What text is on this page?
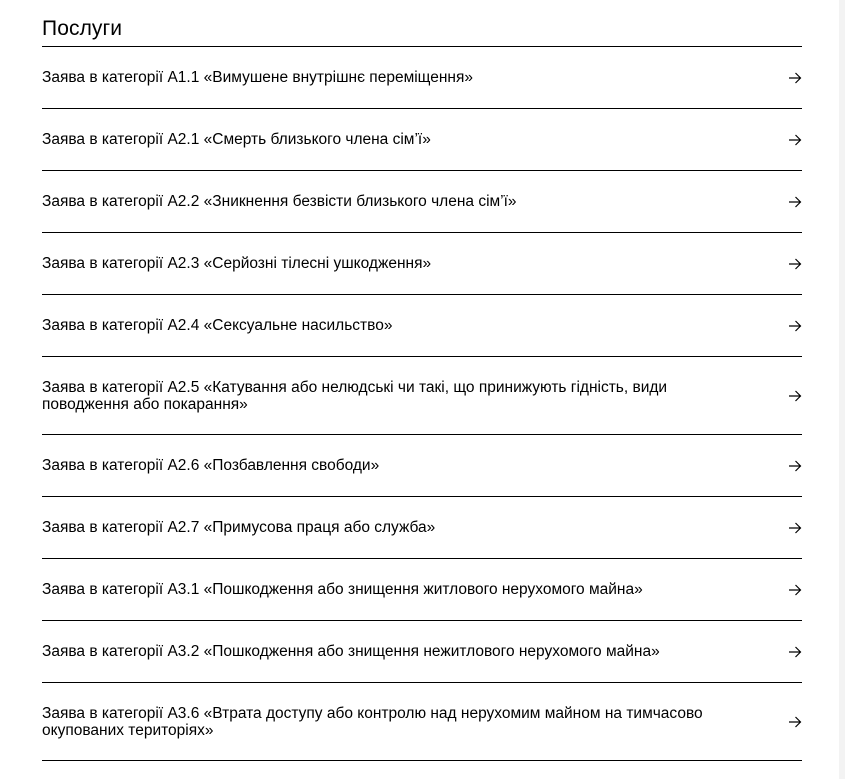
Послуги
Заява в категорії А1.1 «Вимушене внутрішнє переміщення»
Заява в категорії А2.1 «Смерть близького члена сім’ї»
Заява в категорії А2.2 «Зникнення безвісти близького члена сім’ї»
Заява в категорії А2.3 «Серйозні тілесні ушкодження»
Заява в категорії А2.4 «Сексуальне насильство»
Заява в категорії А2.5 «Катування або нелюдські чи такі, що принижують гідність, види поводження або покарання»
Заява в категорії А2.6 «Позбавлення свободи»
Заява в категорії А2.7 «Примусова праця або служба»
Заява в категорії А3.1 «Пошкодження або знищення житлового нерухомого майна»
Заява в категорії А3.2 «Пошкодження або знищення нежитлового нерухомого майна»
Заява в категорії А3.6 «Втрата доступу або контролю над нерухомим майном на тимчасово окупованих територіях»
